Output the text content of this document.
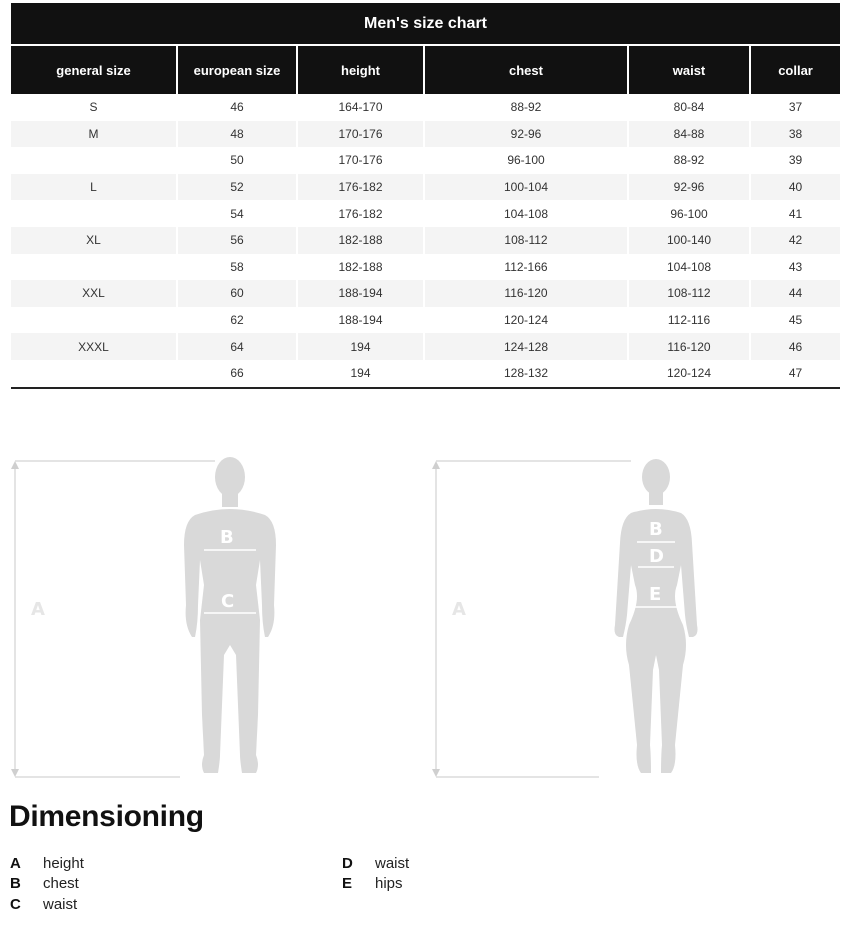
Men's size chart					
general size	european size	height	chest	waist	collar
S	46	164-170	88-92	80-84	37
M	48	170-176	92-96	84-88	38
	50	170-176	96-100	88-92	39
L	52	176-182	100-104	92-96	40
	54	176-182	104-108	96-100	41
XL	56	182-188	108-112	100-140	42
	58	182-188	112-166	104-108	43
XXL	60	188-194	116-120	108-112	44
	62	188-194	120-124	112-116	45
XXXL	64	194	124-128	116-120	46
	66	194	128-132	120-124	47
A
B
C	A
B
D
E
Dimensioning
A	height
B	chest
C	waist
D	waist
E	hips
